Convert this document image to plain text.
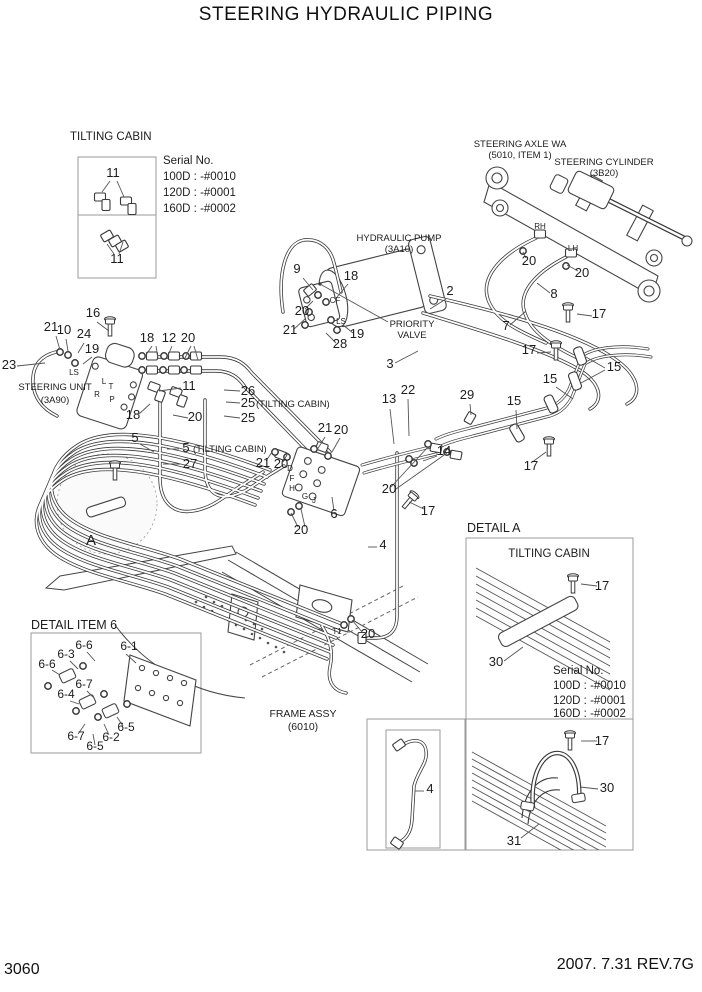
STEERING HYDRAULIC PIPING
TILTING CABIN
Serial No.
100D : -#0010
120D : -#0001
160D : -#0002
STEERING AXLE WA
(5010, ITEM 1)
STEERING CYLINDER
(3B20)
HYDRAULIC PUMP
(3A10)
PRIORITY
VALVE
STEERING UNIT
(3A90)
FRAME ASSY
(6010)
DETAIL ITEM 6
DETAIL A
TILTING CABIN
Serial No.
100D : -#0010
120D : -#0001
160D : -#0002
(TILTING CABIN)
(TILTING CABIN)
11
11
9	18
20
21
28
19
2
3
7
8
17
20
20
17
15
15
29	15
17
16
21
10 24
19
23
18 12 20
11
18	20
5
5
27
26
25
25
13
22
21 20
21 20
20
14
20
6
4
17
A
20
6-6
6-3
6-1
6-6
6-7
6-4
6-7
6-5
6-2
6-5
17
30
17
30
31
4
LS
L
T
R
P
CF
LS
D
F
H
G J
RH
LH
T1
3060	2007. 7.31 REV.7G
